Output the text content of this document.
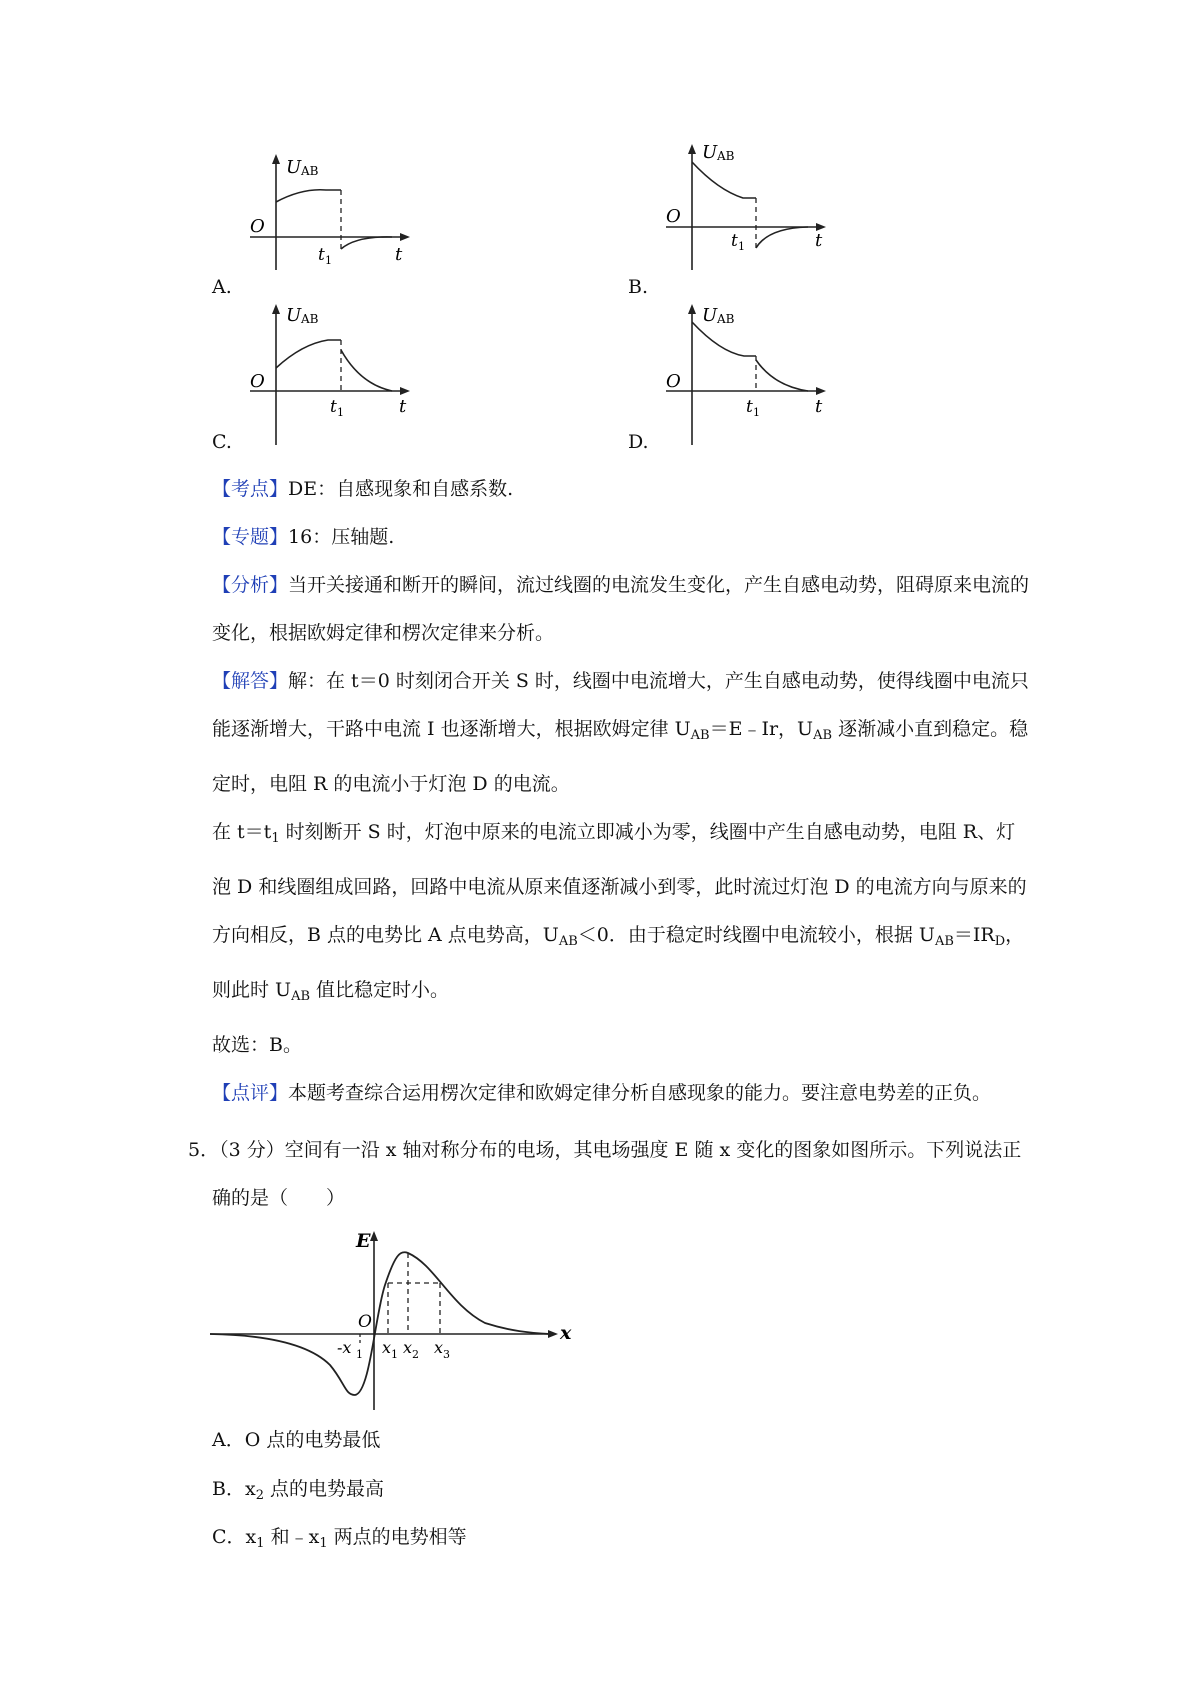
A.
U AB
O
t 1	t
B.
U AB
O
t 1	t
C.
U AB
O
t 1	t
D.
U AB
O
t 1	t

【考点】DE：自感现象和自感系数.

【专题】16：压轴题.

【分析】当开关接通和断开的瞬间，流过线圈的电流发生变化，产生自感电动势，阻碍原来电流的变化，根据欧姆定律和楞次定律来分析。

【解答】解：在 t＝0 时刻闭合开关 S 时，线圈中电流增大，产生自感电动势，使得线圈中电流只能逐渐增大，干路中电流 I 也逐渐增大，根据欧姆定律 $U_{AB}=E﹣Ir$，$U_{AB}$ 逐渐减小直到稳定。稳定时，电阻 R 的电流小于灯泡 D 的电流。

在 $t=t_1$ 时刻断开 S 时，灯泡中原来的电流立即减小为零，线圈中产生自感电动势，电阻 R、灯泡 D 和线圈组成回路，回路中电流从原来值逐渐减小到零，此时流过灯泡 D 的电流方向与原来的方向相反，B 点的电势比 A 点电势高，$U_{AB}<0$．由于稳定时线圈中电流较小，根据 $U_{AB}=IR_D$，则此时 $U_{AB}$ 值比稳定时小。

故选：B。

【点评】本题考查综合运用楞次定律和欧姆定律分析自感现象的能力。要注意电势差的正负。

5．（3 分）空间有一沿 x 轴对称分布的电场，其电场强度 E 随 x 变化的图象如图所示。下列说法正确的是（　　）
E
x
O
-x 1 x 1 x 2 x 3
A．O 点的电势最低
B．$x_2$ 点的电势最高
C．$x_1$ 和$﹣x_1$ 两点的电势相等
